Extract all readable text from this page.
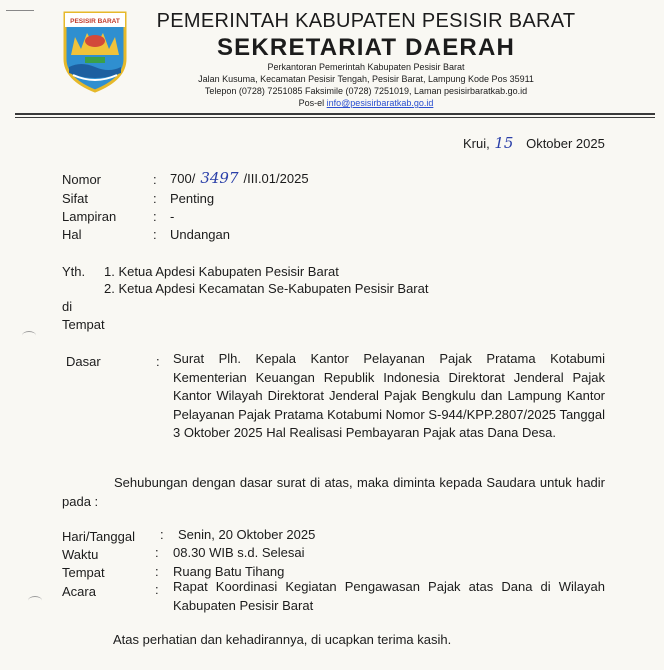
PESISIR BARAT	PEMERINTAH KABUPATEN PESISIR BARAT
SEKRETARIAT DAERAH
Perkantoran Pemerintah Kabupaten Pesisir Barat
Jalan Kusuma, Kecamatan Pesisir Tengah, Pesisir Barat, Lampung Kode Pos 35911
Telepon (0728) 7251085 Faksimile (0728) 7251019, Laman pesisirbaratkab.go.id
Pos-el info@pesisirbaratkab.go.id
Krui, 15 Oktober 2025
Nomor	: 700/ 3497 /III.01/2025
Sifat	: Penting
Lampiran	: -
Hal	: Undangan
Yth. 1. Ketua Apdesi Kabupaten Pesisir Barat
2. Ketua Apdesi Kecamatan Se-Kabupaten Pesisir Barat
di
Tempat
Dasar	: Surat Plh. Kepala Kantor Pelayanan Pajak Pratama Kotabumi Kementerian Keuangan Republik Indonesia Direktorat Jenderal Pajak Kantor Wilayah Direktorat Jenderal Pajak Bengkulu dan Lampung Kantor Pelayanan Pajak Pratama Kotabumi Nomor S-944/KPP.2807/2025 Tanggal 3 Oktober 2025 Hal Realisasi Pembayaran Pajak atas Dana Desa.
Sehubungan dengan dasar surat di atas, maka diminta kepada Saudara untuk hadir pada :
Hari/Tanggal : Senin, 20 Oktober 2025
Waktu	: 08.30 WIB s.d. Selesai
Tempat	: Ruang Batu Tihang
Acara	: Rapat Koordinasi Kegiatan Pengawasan Pajak atas Dana di Wilayah Kabupaten Pesisir Barat
Atas perhatian dan kehadirannya, di ucapkan terima kasih.
